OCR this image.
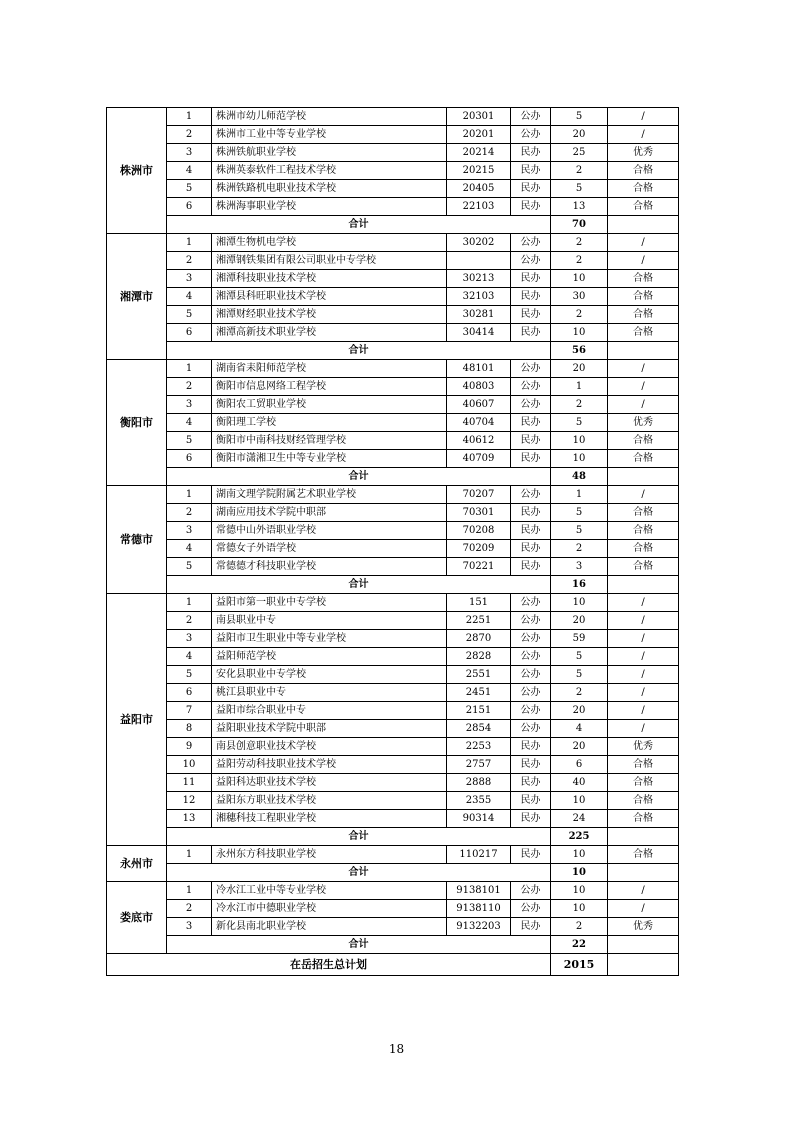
株洲市	1	株洲市幼儿师范学校	20301	公办	5	/
	2	株洲市工业中等专业学校	20201	公办	20	/
	3	株洲铁航职业学校	20214	民办	25	优秀
	4	株洲英泰软件工程技术学校	20215	民办	2	合格
	5	株洲铁路机电职业技术学校	20405	民办	5	合格
	6	株洲海事职业学校	22103	民办	13	合格
	合计				70	
湘潭市	1	湘潭生物机电学校	30202	公办	2	/
	2	湘潭钢铁集团有限公司职业中专学校		公办	2	/
	3	湘潭科技职业技术学校	30213	民办	10	合格
	4	湘潭县科旺职业技术学校	32103	民办	30	合格
	5	湘潭财经职业技术学校	30281	民办	2	合格
	6	湘潭高新技术职业学校	30414	民办	10	合格
	合计				56	
衡阳市	1	湖南省耒阳师范学校	48101	公办	20	/
	2	衡阳市信息网络工程学校	40803	公办	1	/
	3	衡阳农工贸职业学校	40607	公办	2	/
	4	衡阳理工学校	40704	民办	5	优秀
	5	衡阳市中南科技财经管理学校	40612	民办	10	合格
	6	衡阳市潇湘卫生中等专业学校	40709	民办	10	合格
	合计				48	
常德市	1	湖南文理学院附属艺术职业学校	70207	公办	1	/
	2	湖南应用技术学院中职部	70301	民办	5	合格
	3	常德中山外语职业学校	70208	民办	5	合格
	4	常德女子外语学校	70209	民办	2	合格
	5	常德德才科技职业学校	70221	民办	3	合格
	合计				16	
益阳市	1	益阳市第一职业中专学校	151	公办	10	/
	2	南县职业中专	2251	公办	20	/
	3	益阳市卫生职业中等专业学校	2870	公办	59	/
	4	益阳师范学校	2828	公办	5	/
	5	安化县职业中专学校	2551	公办	5	/
	6	桃江县职业中专	2451	公办	2	/
	7	益阳市综合职业中专	2151	公办	20	/
	8	益阳职业技术学院中职部	2854	公办	4	/
	9	南县创意职业技术学校	2253	民办	20	优秀
	10	益阳劳动科技职业技术学校	2757	民办	6	合格
	11	益阳科达职业技术学校	2888	民办	40	合格
	12	益阳东方职业技术学校	2355	民办	10	合格
	13	湘穗科技工程职业学校	90314	民办	24	合格
	合计				225	
永州市	1	永州东方科技职业学校	110217	民办	10	合格
	合计				10	
娄底市	1	冷水江工业中等专业学校	9138101	公办	10	/
	2	冷水江市中德职业学校	9138110	公办	10	/
	3	新化县南北职业学校	9132203	民办	2	优秀
	合计				22	
在岳招生总计划					2015	
18
